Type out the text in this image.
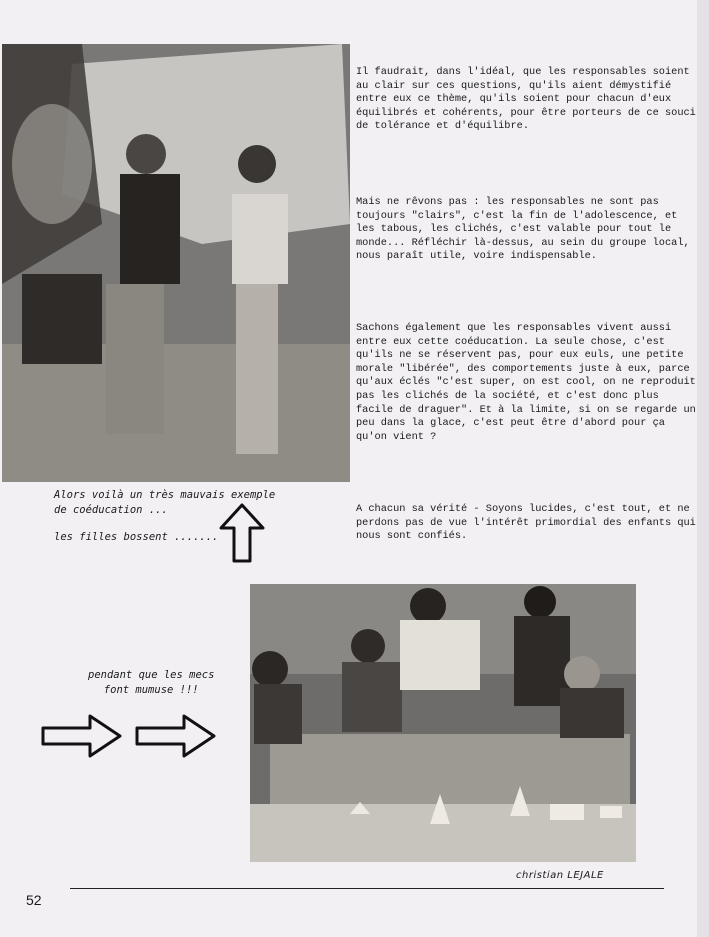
Il faudrait, dans l'idéal, que les responsables soient au clair sur ces questions, qu'ils aient démystifié entre eux ce thème, qu'ils soient pour chacun d'eux équilibrés et cohérents, pour être porteurs de ce souci de tolérance et d'équilibre.

Mais ne rêvons pas : les responsables ne sont pas toujours "clairs", c'est la fin de l'adolescence, et les tabous, les clichés, c'est valable pour tout le monde... Réfléchir là-dessus, au sein du groupe local, nous paraît utile, voire indispensable.

Sachons également que les responsables vivent aussi entre eux cette coéducation. La seule chose, c'est qu'ils ne se réservent pas, pour eux euls, une petite morale "libérée", des comportements juste à eux, parce qu'aux éclés "c'est super, on est cool, on ne reproduit pas les clichés de la société, et c'est donc plus facile de draguer". Et à la limite, si on se regarde un peu dans la glace, c'est peut être d'abord pour ça qu'on vient ?

A chacun sa vérité - Soyons lucides, c'est tout, et ne perdons pas de vue l'intérêt primordial des enfants qui nous sont confiés.

Alors voilà un très mauvais exemple
de coéducation ...
les filles bossent .......
pendant que les mecs
font mumuse !!!
christian LEJALE
52
